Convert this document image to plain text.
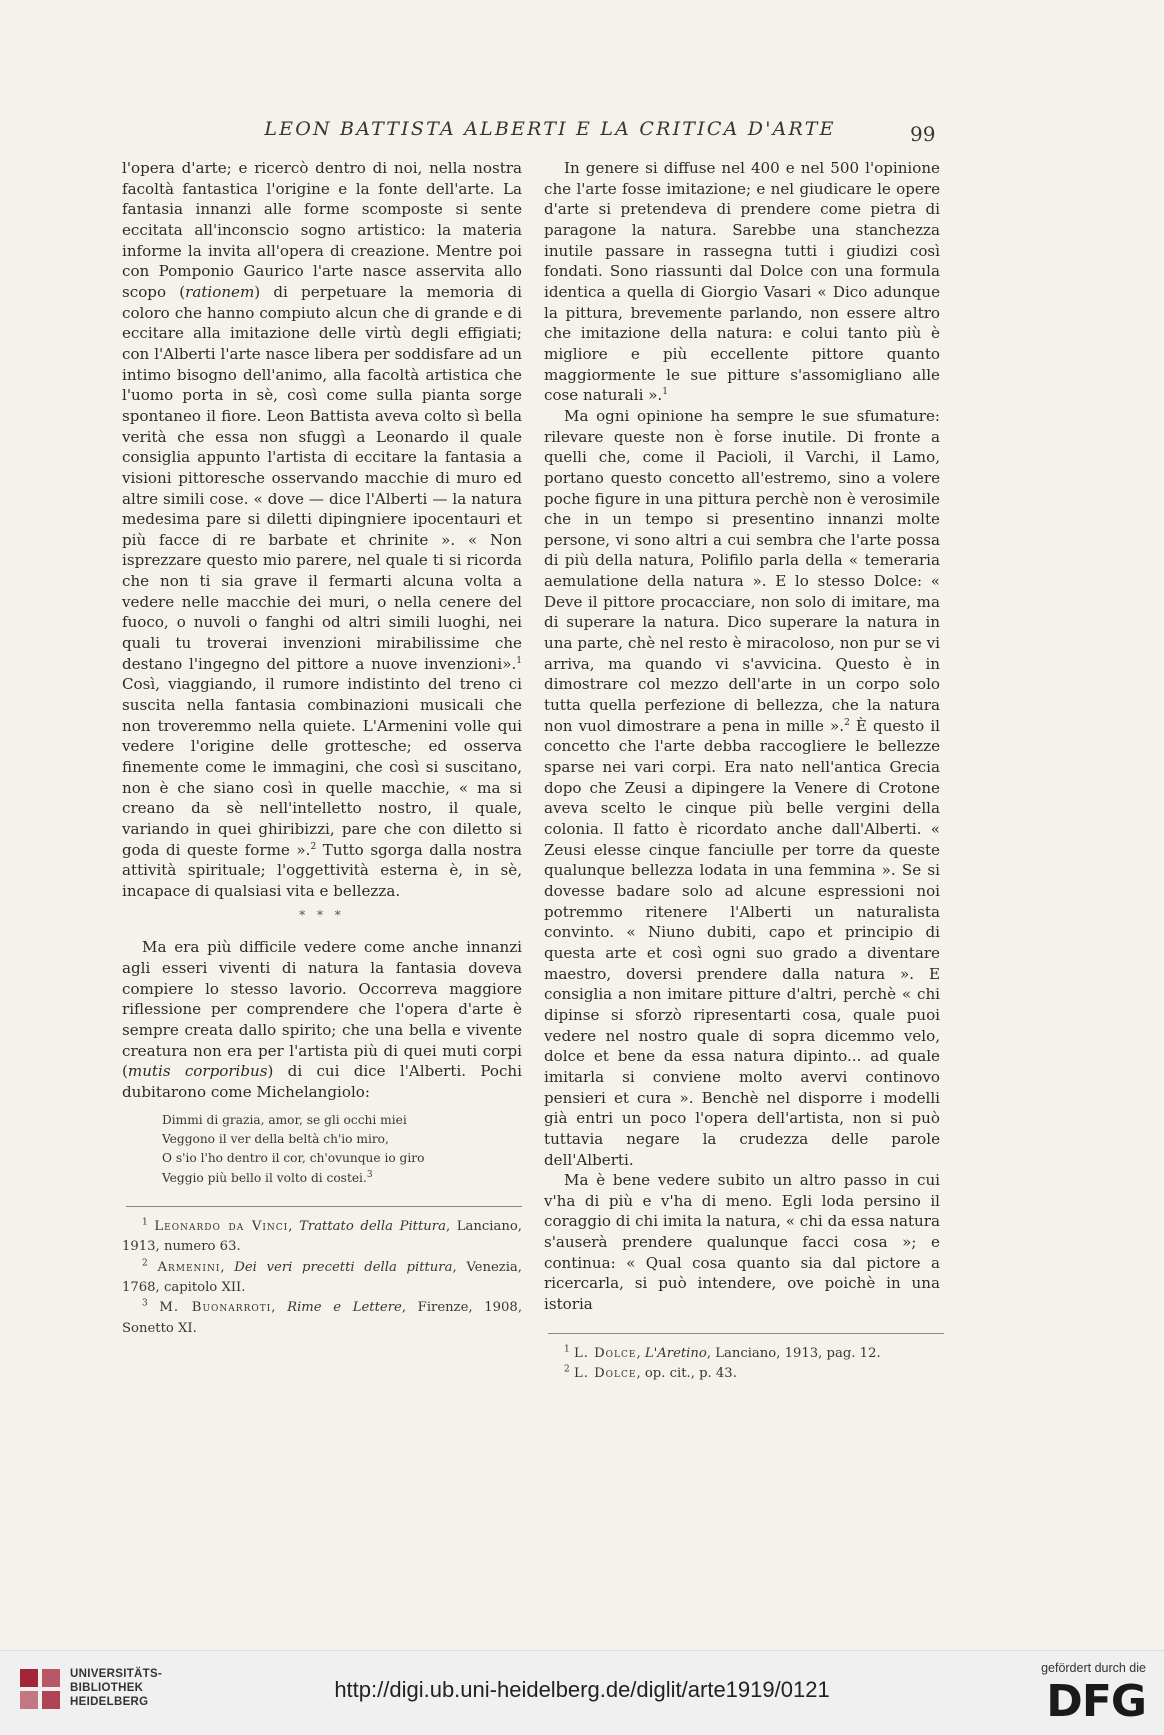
LEON BATTISTA ALBERTI E LA CRITICA D'ARTE	99

l'opera d'arte; e ricercò dentro di noi, nella nostra facoltà fantastica l'origine e la fonte dell'arte. La fantasia innanzi alle forme scomposte si sente eccitata all'inconscio sogno artistico: la materia informe la invita all'opera di creazione. Mentre poi con Pomponio Gaurico l'arte nasce asservita allo scopo (rationem) di perpetuare la memoria di coloro che hanno compiuto alcun che di grande e di eccitare alla imitazione delle virtù degli effigiati; con l'Alberti l'arte nasce libera per soddisfare ad un intimo bisogno dell'animo, alla facoltà artistica che l'uomo porta in sè, così come sulla pianta sorge spontaneo il fiore. Leon Battista aveva colto sì bella verità che essa non sfuggì a Leonardo il quale consiglia appunto l'artista di eccitare la fantasia a visioni pittoresche osservando macchie di muro ed altre simili cose. « dove — dice l'Alberti — la natura medesima pare si diletti dipingniere ipocentauri et più facce di re barbate et chrinite ». « Non isprezzare questo mio parere, nel quale ti si ricorda che non ti sia grave il fermarti alcuna volta a vedere nelle macchie dei muri, o nella cenere del fuoco, o nuvoli o fanghi od altri simili luoghi, nei quali tu troverai invenzioni mirabilissime che destano l'ingegno del pittore a nuove invenzioni».$^1$ Così, viaggiando, il rumore indistinto del treno ci suscita nella fantasia combinazioni musicali che non troveremmo nella quiete. L'Armenini volle qui vedere l'origine delle grottesche; ed osserva finemente come le immagini, che così si suscitano, non è che siano così in quelle macchie, « ma si creano da sè nell'intelletto nostro, il quale, variando in quei ghiribizzi, pare che con diletto si goda di queste forme ».$^2$ Tutto sgorga dalla nostra attività spirituale; l'oggettività esterna è, in sè, incapace di qualsiasi vita e bellezza.

* * *

Ma era più difficile vedere come anche innanzi agli esseri viventi di natura la fantasia doveva compiere lo stesso lavorio. Occorreva maggiore riflessione per comprendere che l'opera d'arte è sempre creata dallo spirito; che una bella e vivente creatura non era per l'artista più di quei muti corpi (mutis corporibus) di cui dice l'Alberti. Pochi dubitarono come Michelangiolo:

Dimmi di grazia, amor, se gli occhi miei
Veggono il ver della beltà ch'io miro,
O s'io l'ho dentro il cor, ch'ovunque io giro
Veggio più bello il volto di costei.$^3$

$^1$ Leonardo da Vinci, Trattato della Pittura, Lanciano, 1913, numero 63.

$^2$ Armenini, Dei veri precetti della pittura, Venezia, 1768, capitolo XII.

$^3$ M. Buonarroti, Rime e Lettere, Firenze, 1908, Sonetto XI.

In genere si diffuse nel 400 e nel 500 l'opinione che l'arte fosse imitazione; e nel giudicare le opere d'arte si pretendeva di prendere come pietra di paragone la natura. Sarebbe una stanchezza inutile passare in rassegna tutti i giudizi così fondati. Sono riassunti dal Dolce con una formula identica a quella di Giorgio Vasari « Dico adunque la pittura, brevemente parlando, non essere altro che imitazione della natura: e colui tanto più è migliore e più eccellente pittore quanto maggiormente le sue pitture s'assomigliano alle cose naturali ».$^1$

Ma ogni opinione ha sempre le sue sfumature: rilevare queste non è forse inutile. Di fronte a quelli che, come il Pacioli, il Varchi, il Lamo, portano questo concetto all'estremo, sino a volere poche figure in una pittura perchè non è verosimile che in un tempo si presentino innanzi molte persone, vi sono altri a cui sembra che l'arte possa di più della natura, Polifilo parla della « temeraria aemulatione della natura ». E lo stesso Dolce: « Deve il pittore procacciare, non solo di imitare, ma di superare la natura. Dico superare la natura in una parte, chè nel resto è miracoloso, non pur se vi arriva, ma quando vi s'avvicina. Questo è in dimostrare col mezzo dell'arte in un corpo solo tutta quella perfezione di bellezza, che la natura non vuol dimostrare a pena in mille ».$^2$ È questo il concetto che l'arte debba raccogliere le bellezze sparse nei vari corpi. Era nato nell'antica Grecia dopo che Zeusi a dipingere la Venere di Crotone aveva scelto le cinque più belle vergini della colonia. Il fatto è ricordato anche dall'Alberti. « Zeusi elesse cinque fanciulle per torre da queste qualunque bellezza lodata in una femmina ». Se si dovesse badare solo ad alcune espressioni noi potremmo ritenere l'Alberti un naturalista convinto. « Niuno dubiti, capo et principio di questa arte et così ogni suo grado a diventare maestro, doversi prendere dalla natura ». E consiglia a non imitare pitture d'altri, perchè « chi dipinse si sforzò ripresentarti cosa, quale puoi vedere nel nostro quale di sopra dicemmo velo, dolce et bene da essa natura dipinto... ad quale imitarla si conviene molto avervi continovo pensieri et cura ». Benchè nel disporre i modelli già entri un poco l'opera dell'artista, non si può tuttavia negare la crudezza delle parole dell'Alberti.

Ma è bene vedere subito un altro passo in cui v'ha di più e v'ha di meno. Egli loda persino il coraggio di chi imita la natura, « chi da essa natura s'auserà prendere qualunque facci cosa »; e continua: « Qual cosa quanto sia dal pictore a ricercarla, si può intendere, ove poichè in una istoria

$^1$ L. Dolce, L'Aretino, Lanciano, 1913, pag. 12.

$^2$ L. Dolce, op. cit., p. 43.

UNIVERSITÄTS-
BIBLIOTHEK
HEIDELBERG	http://digi.ub.uni-heidelberg.de/diglit/arte1919/0121
gefördert durch die
DFG
